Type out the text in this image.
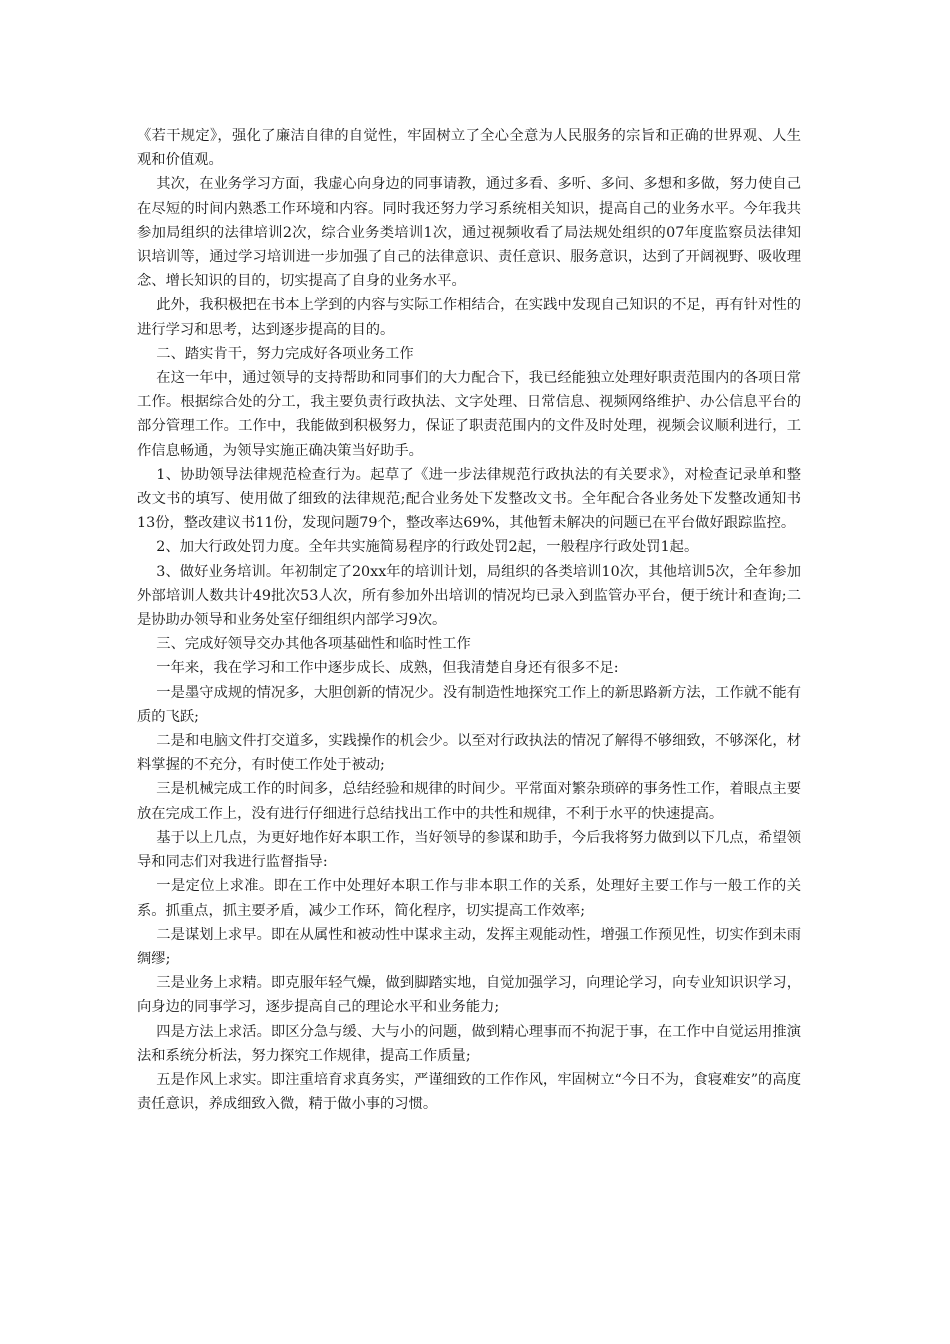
《若干规定》，强化了廉洁自律的自觉性，牢固树立了全心全意为人民服务的宗旨和正确的世界观、人生观和价值观。

其次，在业务学习方面，我虚心向身边的同事请教，通过多看、多听、多问、多想和多做，努力使自己在尽短的时间内熟悉工作环境和内容。同时我还努力学习系统相关知识，提高自己的业务水平。今年我共参加局组织的法律培训2次，综合业务类培训1次，通过视频收看了局法规处组织的07年度监察员法律知识培训等，通过学习培训进一步加强了自己的法律意识、责任意识、服务意识，达到了开阔视野、吸收理念、增长知识的目的，切实提高了自身的业务水平。

此外，我积极把在书本上学到的内容与实际工作相结合，在实践中发现自己知识的不足，再有针对性的进行学习和思考，达到逐步提高的目的。

二、踏实肯干，努力完成好各项业务工作

在这一年中，通过领导的支持帮助和同事们的大力配合下，我已经能独立处理好职责范围内的各项日常工作。根据综合处的分工，我主要负责行政执法、文字处理、日常信息、视频网络维护、办公信息平台的部分管理工作。工作中，我能做到积极努力，保证了职责范围内的文件及时处理，视频会议顺利进行，工作信息畅通，为领导实施正确决策当好助手。

1、协助领导法律规范检查行为。起草了《进一步法律规范行政执法的有关要求》，对检查记录单和整改文书的填写、使用做了细致的法律规范;配合业务处下发整改文书。全年配合各业务处下发整改通知书13份，整改建议书11份，发现问题79个，整改率达69%，其他暂未解决的问题已在平台做好跟踪监控。

2、加大行政处罚力度。全年共实施简易程序的行政处罚2起，一般程序行政处罚1起。

3、做好业务培训。年初制定了20xx年的培训计划，局组织的各类培训10次，其他培训5次，全年参加外部培训人数共计49批次53人次，所有参加外出培训的情况均已录入到监管办平台，便于统计和查询;二是协助办领导和业务处室仔细组织内部学习9次。

三、完成好领导交办其他各项基础性和临时性工作

一年来，我在学习和工作中逐步成长、成熟，但我清楚自身还有很多不足:

一是墨守成规的情况多，大胆创新的情况少。没有制造性地探究工作上的新思路新方法，工作就不能有质的飞跃;

二是和电脑文件打交道多，实践操作的机会少。以至对行政执法的情况了解得不够细致，不够深化，材料掌握的不充分，有时使工作处于被动;

三是机械完成工作的时间多，总结经验和规律的时间少。平常面对繁杂琐碎的事务性工作，着眼点主要放在完成工作上，没有进行仔细进行总结找出工作中的共性和规律，不利于水平的快速提高。

基于以上几点，为更好地作好本职工作，当好领导的参谋和助手，今后我将努力做到以下几点，希望领导和同志们对我进行监督指导:

一是定位上求准。即在工作中处理好本职工作与非本职工作的关系，处理好主要工作与一般工作的关系。抓重点，抓主要矛盾，减少工作环，简化程序，切实提高工作效率;

二是谋划上求早。即在从属性和被动性中谋求主动，发挥主观能动性，增强工作预见性，切实作到未雨绸缪;

三是业务上求精。即克服年轻气燥，做到脚踏实地，自觉加强学习，向理论学习，向专业知识识学习，向身边的同事学习，逐步提高自己的理论水平和业务能力;

四是方法上求活。即区分急与缓、大与小的问题，做到精心理事而不拘泥于事，在工作中自觉运用推演法和系统分析法，努力探究工作规律，提高工作质量;

五是作风上求实。即注重培育求真务实，严谨细致的工作作风，牢固树立“今日不为，食寝难安”的高度责任意识，养成细致入微，精于做小事的习惯。
